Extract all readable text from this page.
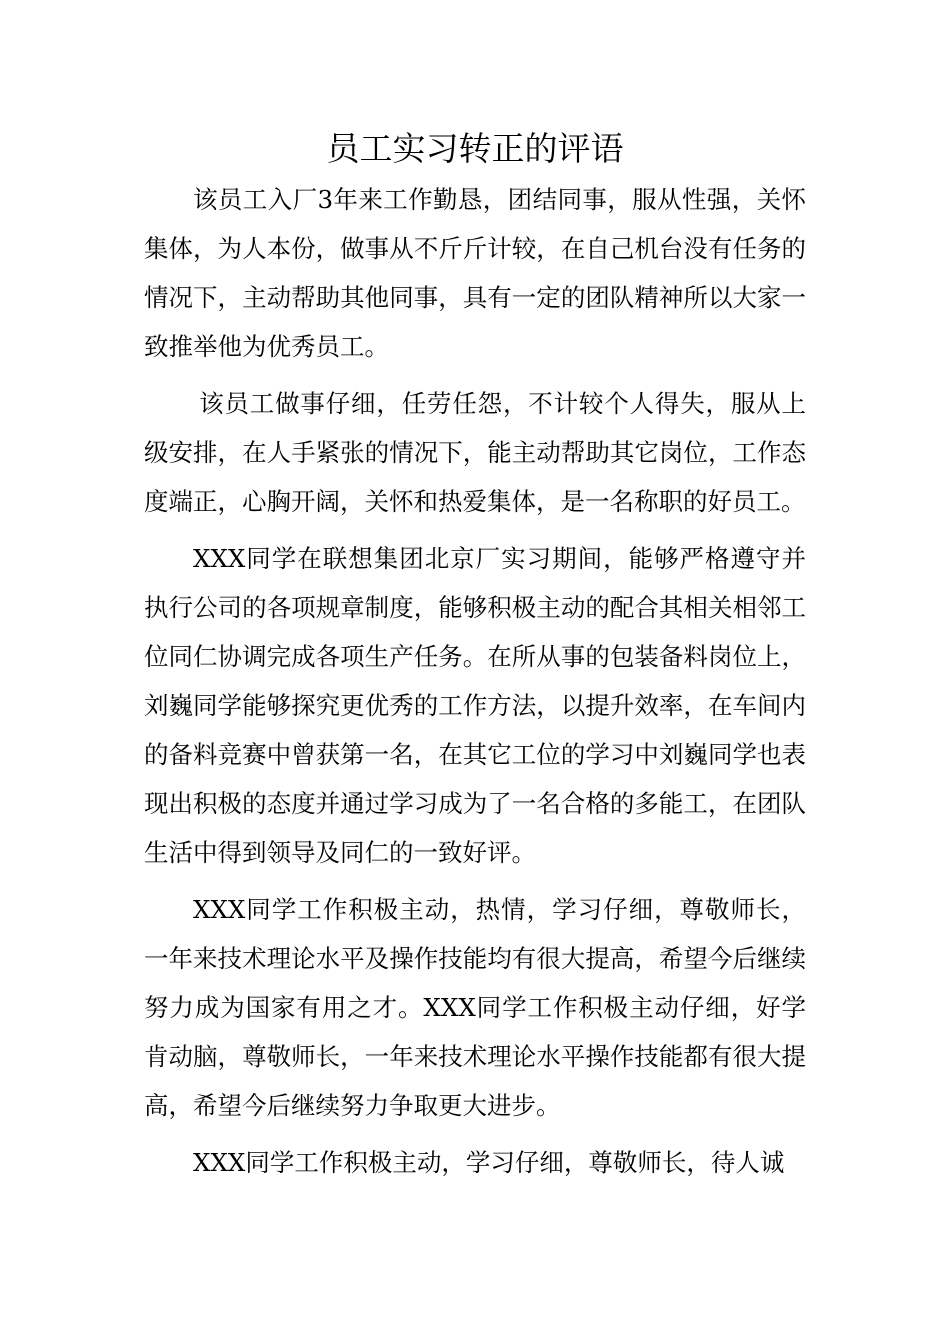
员工实习转正的评语

该员工入厂3年来工作勤恳，团结同事，服从性强，关怀集体，为人本份，做事从不斤斤计较，在自己机台没有任务的情况下，主动帮助其他同事，具有一定的团队精神所以大家一致推举他为优秀员工。

该员工做事仔细，任劳任怨，不计较个人得失，服从上级安排，在人手紧张的情况下，能主动帮助其它岗位，工作态度端正，心胸开阔，关怀和热爱集体，是一名称职的好员工。

XXX同学在联想集团北京厂实习期间，能够严格遵守并执行公司的各项规章制度，能够积极主动的配合其相关相邻工位同仁协调完成各项生产任务。在所从事的包装备料岗位上，刘巍同学能够探究更优秀的工作方法，以提升效率，在车间内的备料竞赛中曾获第一名，在其它工位的学习中刘巍同学也表现出积极的态度并通过学习成为了一名合格的多能工，在团队生活中得到领导及同仁的一致好评。

XXX同学工作积极主动，热情，学习仔细，尊敬师长，一年来技术理论水平及操作技能均有很大提高，希望今后继续努力成为国家有用之才。XXX同学工作积极主动仔细，好学肯动脑，尊敬师长，一年来技术理论水平操作技能都有很大提高，希望今后继续努力争取更大进步。

XXX同学工作积极主动，学习仔细，尊敬师长，待人诚
